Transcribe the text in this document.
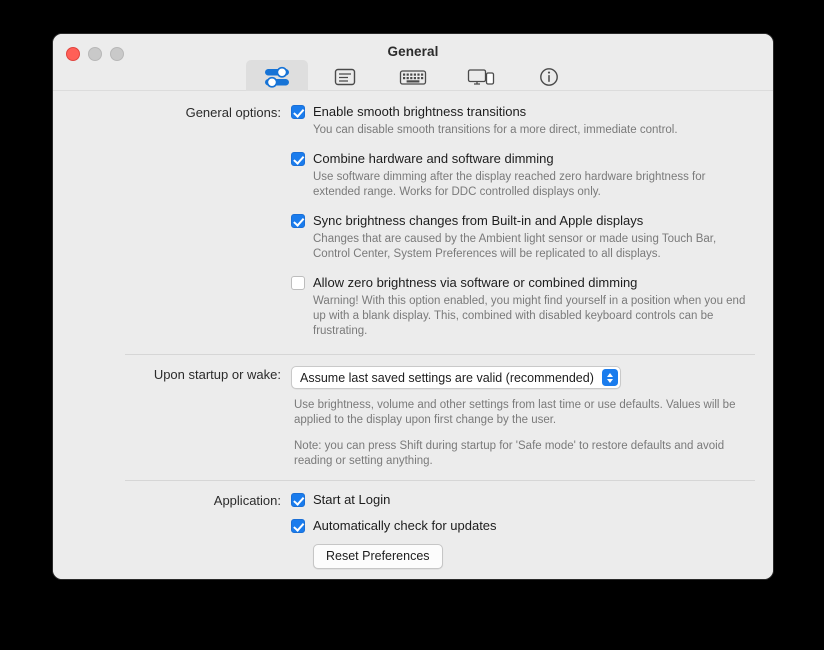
General
General options:	Enable smooth brightness transitions
You can disable smooth transitions for a more direct, immediate control.
Combine hardware and software dimming
Use software dimming after the display reached zero hardware brightness for extended range. Works for DDC controlled displays only.
Sync brightness changes from Built-in and Apple displays
Changes that are caused by the Ambient light sensor or made using Touch Bar, Control Center, System Preferences will be replicated to all displays.
Allow zero brightness via software or combined dimming
Warning! With this option enabled, you might find yourself in a position when you end up with a blank display. This, combined with disabled keyboard controls can be frustrating.
Upon startup or wake:	Assume last saved settings are valid (recommended)
Use brightness, volume and other settings from last time or use defaults. Values will be applied to the display upon first change by the user.
Note: you can press Shift during startup for 'Safe mode' to restore defaults and avoid reading or setting anything.
Application:	Start at Login
Automatically check for updates
Reset Preferences
